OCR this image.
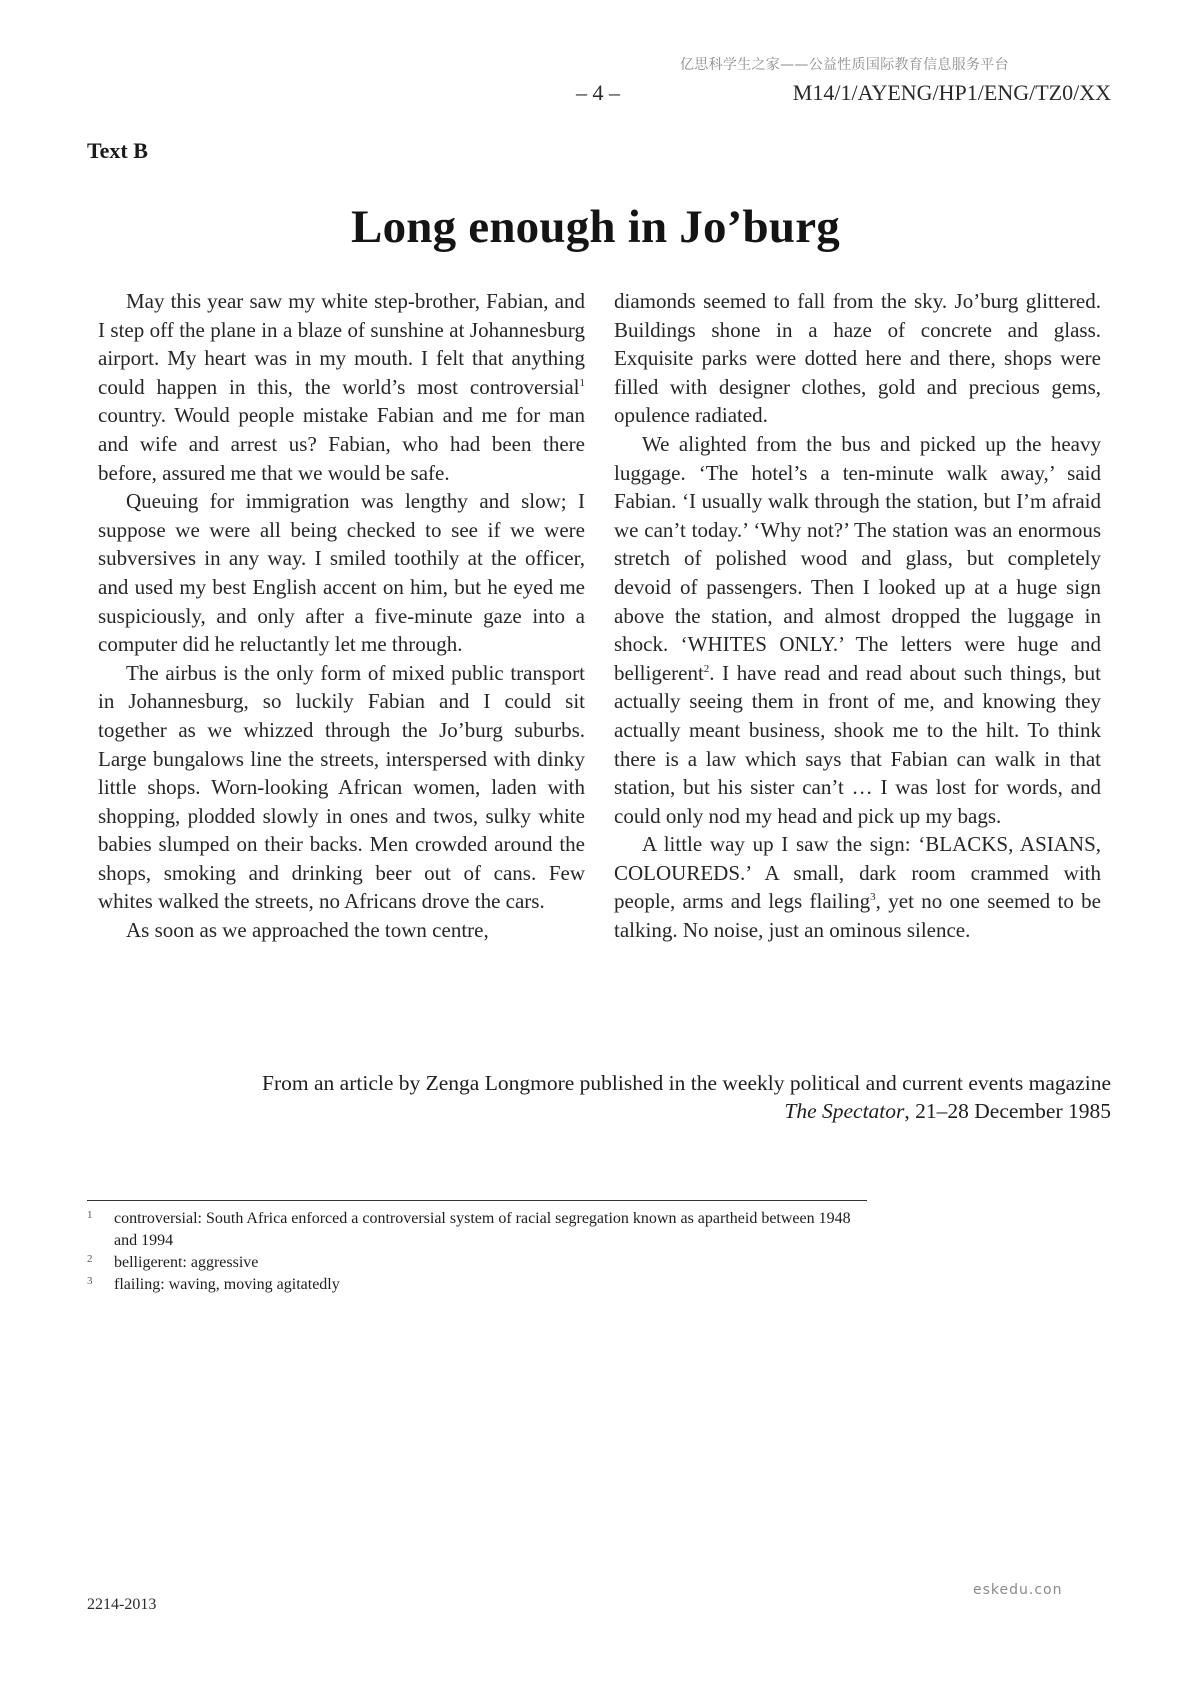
亿思科学生之家——公益性质国际教育信息服务平台
– 4 –	M14/1/AYENG/HP1/ENG/TZ0/XX
Text B
Long enough in Jo’burg

May this year saw my white step-brother, Fabian, and I step off the plane in a blaze of sunshine at Johannesburg airport. My heart was in my mouth. I felt that anything could happen in this, the world’s most controversial$^1$ country. Would people mistake Fabian and me for man and wife and arrest us? Fabian, who had been there before, assured me that we would be safe.

Queuing for immigration was lengthy and slow; I suppose we were all being checked to see if we were subversives in any way. I smiled toothily at the officer, and used my best English accent on him, but he eyed me suspiciously, and only after a five-minute gaze into a computer did he reluctantly let me through.

The airbus is the only form of mixed public transport in Johannesburg, so luckily Fabian and I could sit together as we whizzed through the Jo’burg suburbs. Large bungalows line the streets, interspersed with dinky little shops. Worn-looking African women, laden with shopping, plodded slowly in ones and twos, sulky white babies slumped on their backs. Men crowded around the shops, smoking and drinking beer out of cans. Few whites walked the streets, no Africans drove the cars.

As soon as we approached the town centre,

diamonds seemed to fall from the sky. Jo’burg glittered. Buildings shone in a haze of concrete and glass. Exquisite parks were dotted here and there, shops were filled with designer clothes, gold and precious gems, opulence radiated.

We alighted from the bus and picked up the heavy luggage. ‘The hotel’s a ten-minute walk away,’ said Fabian. ‘I usually walk through the station, but I’m afraid we can’t today.’ ‘Why not?’ The station was an enormous stretch of polished wood and glass, but completely devoid of passengers. Then I looked up at a huge sign above the station, and almost dropped the luggage in shock. ‘WHITES ONLY.’ The letters were huge and belligerent$^2$. I have read and read about such things, but actually seeing them in front of me, and knowing they actually meant business, shook me to the hilt. To think there is a law which says that Fabian can walk in that station, but his sister can’t … I was lost for words, and could only nod my head and pick up my bags.

A little way up I saw the sign: ‘BLACKS, ASIANS, COLOUREDS.’ A small, dark room crammed with people, arms and legs flailing$^3$, yet no one seemed to be talking. No noise, just an ominous silence.

From an article by Zenga Longmore published in the weekly political and current events magazine
The Spectator, 21–28 December 1985
1 controversial: South Africa enforced a controversial system of racial segregation known as apartheid between 1948 and 1994
2 belligerent: aggressive
3 flailing: waving, moving agitatedly
2214-2013
eskedu.con
